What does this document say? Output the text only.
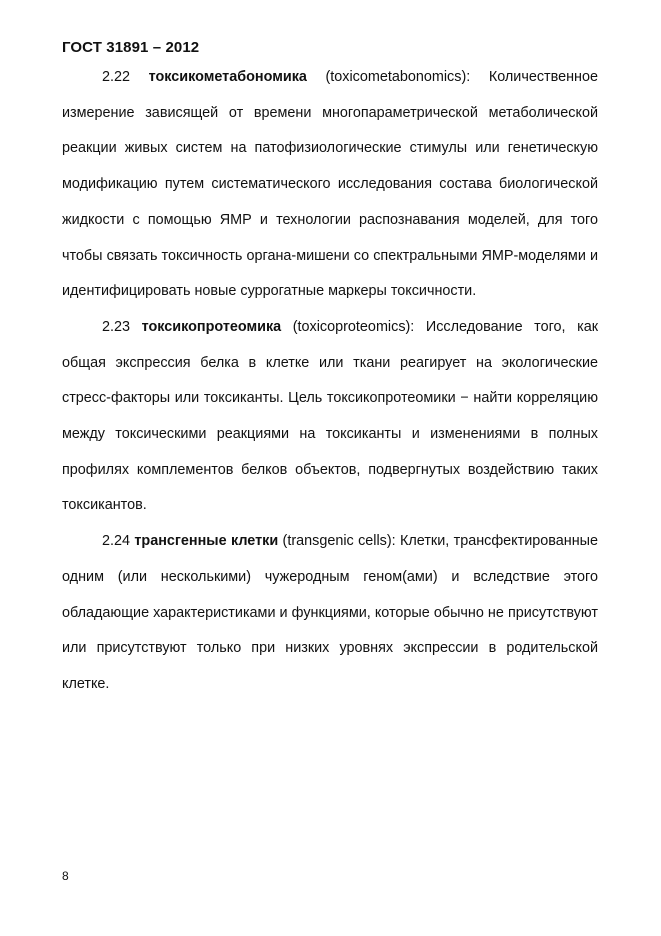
ГОСТ 31891 – 2012

2.22 токсикометабономика (toxicometabonomics): Количественное измерение зависящей от времени многопараметрической метаболической реакции живых систем на патофизиологические стимулы или генетическую модификацию путем систематического исследования состава биологической жидкости с помощью ЯМР и технологии распознавания моделей, для того чтобы связать токсичность органа-мишени со спектральными ЯМР-моделями и идентифицировать новые суррогатные маркеры токсичности.

2.23 токсикопротеомика (toxicoproteomics): Исследование того, как общая экспрессия белка в клетке или ткани реагирует на экологические стресс-факторы или токсиканты. Цель токсикопротеомики − найти корреляцию между токсическими реакциями на токсиканты и изменениями в полных профилях комплементов белков объектов, подвергнутых воздействию таких токсикантов.

2.24 трансгенные клетки (transgenic cells): Клетки, трансфектированные одним (или несколькими) чужеродным геном(ами) и вследствие этого обладающие характеристиками и функциями, которые обычно не присутствуют или присутствуют только при низких уровнях экспрессии в родительской клетке.

8
